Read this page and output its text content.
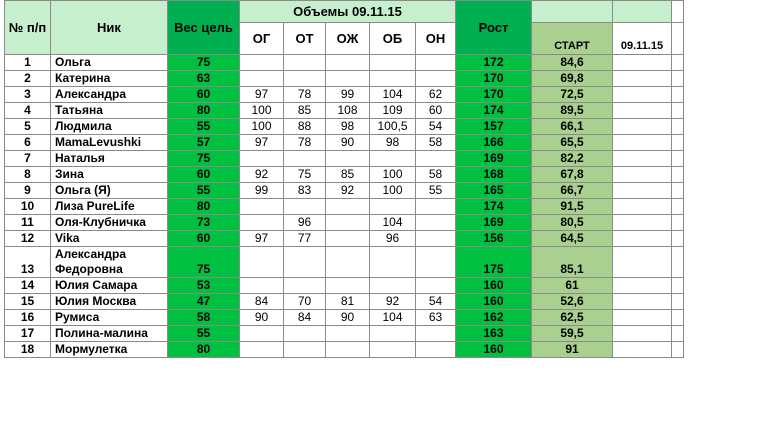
№ п/п	Ник	Вес цель	Объемы 09.11.15					Рост			
			ОГ	ОТ	ОЖ	ОБ	ОН		СТАРТ	09.11.15	
1	Ольга	75						172	84,6		
2	Катерина	63						170	69,8		
3	Александра	60	97	78	99	104	62	170	72,5		
4	Татьяна	80	100	85	108	109	60	174	89,5		
5	Людмила	55	100	88	98	100,5	54	157	66,1		
6	MamaLevushki	57	97	78	90	98	58	166	65,5		
7	Наталья	75						169	82,2		
8	Зина	60	92	75	85	100	58	168	67,8		
9	Ольга (Я)	55	99	83	92	100	55	165	66,7		
10	Лиза PureLife	80						174	91,5		
11	Оля-Клубничка	73		96		104		169	80,5		
12	Vika	60	97	77		96		156	64,5		
13	Александра Федоровна	75						175	85,1		
14	Юлия Самара	53						160	61		
15	Юлия Москва	47	84	70	81	92	54	160	52,6		
16	Румиса	58	90	84	90	104	63	162	62,5		
17	Полина-малина	55						163	59,5		
18	Мормулетка	80						160	91		
